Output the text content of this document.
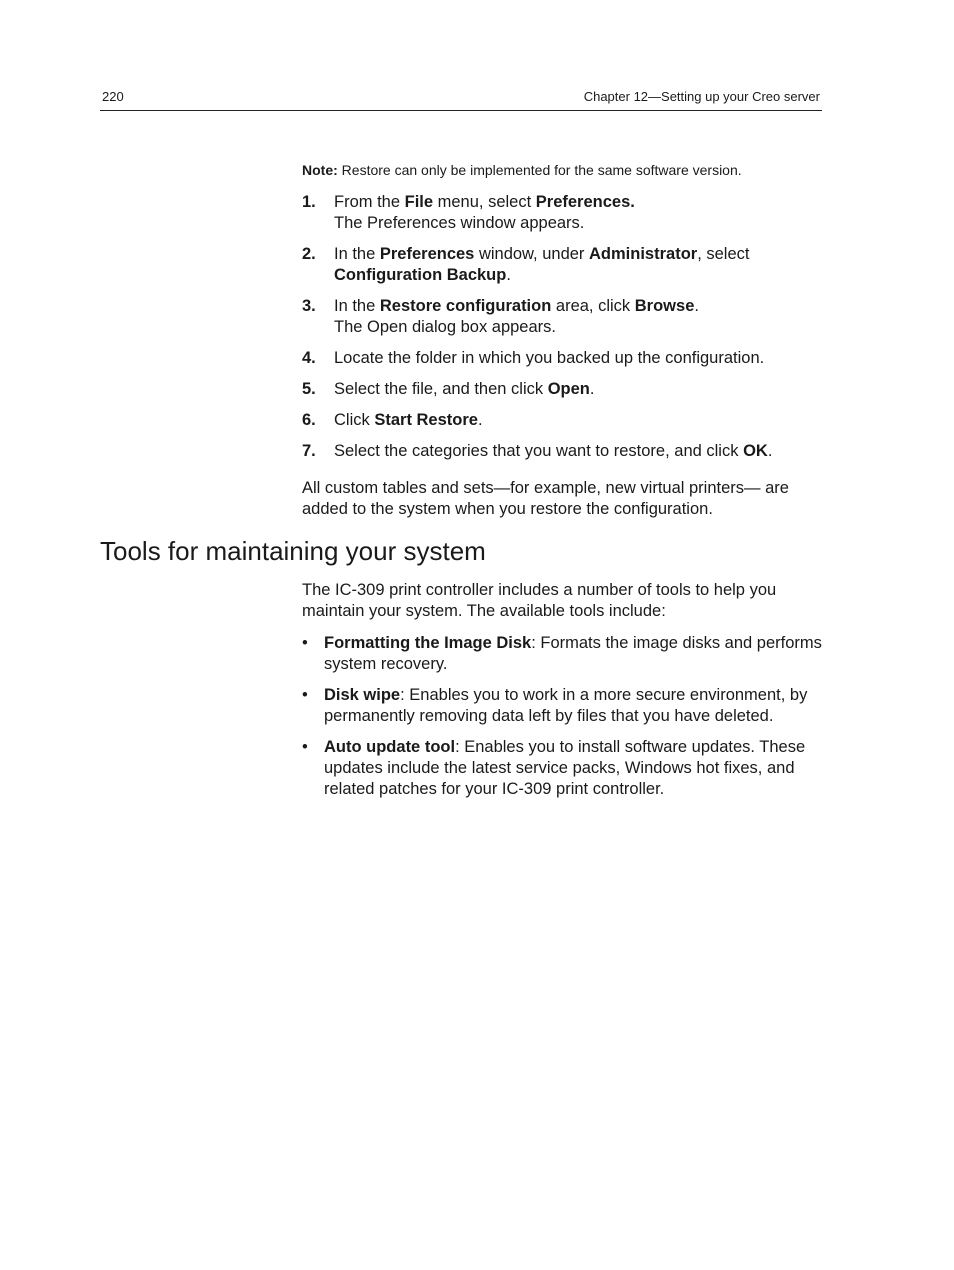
220	Chapter 12—Setting up your Creo server
Note: Restore can only be implemented for the same software version.
1. From the File menu, select Preferences.
The Preferences window appears.
2. In the Preferences window, under Administrator, select
Configuration Backup.
3. In the Restore configuration area, click Browse.
The Open dialog box appears.
4. Locate the folder in which you backed up the configuration.
5. Select the file, and then click Open.
6. Click Start Restore.
7. Select the categories that you want to restore, and click OK.

All custom tables and sets—for example, new virtual printers— are added to the system when you restore the configuration.

Tools for maintaining your system

The IC-309 print controller includes a number of tools to help you maintain your system. The available tools include:

• Formatting the Image Disk: Formats the image disks and performs system recovery.
• Disk wipe: Enables you to work in a more secure environment, by permanently removing data left by files that you have deleted.
• Auto update tool: Enables you to install software updates. These updates include the latest service packs, Windows hot fixes, and related patches for your IC-309 print controller.
